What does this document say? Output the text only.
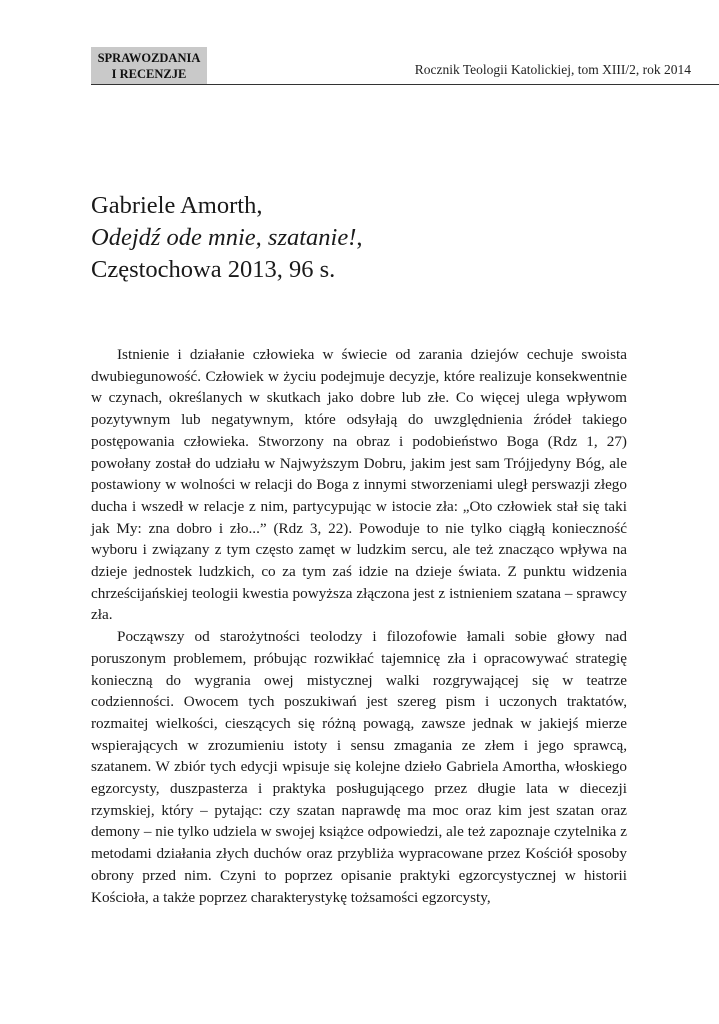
SPRAWOZDANIA
I RECENZJE	Rocznik Teologii Katolickiej, tom XIII/2, rok 2014
Gabriele Amorth,
Odejdź ode mnie, szatanie!,
Częstochowa 2013, 96 s.

Istnienie i działanie człowieka w świecie od zarania dziejów cechuje swoista dwubiegunowość. Człowiek w życiu podejmuje decyzje, które realizuje konsekwentnie w czynach, określanych w skutkach jako dobre lub złe. Co więcej ulega wpływom pozytywnym lub negatywnym, które odsyłają do uwzględnienia źródeł takiego postępowania człowieka. Stworzony na obraz i podobieństwo Boga (Rdz 1, 27) powołany został do udziału w Najwyższym Dobru, jakim jest sam Trójjedyny Bóg, ale postawiony w wolności w relacji do Boga z innymi stworzeniami uległ perswazji złego ducha i wszedł w relacje z nim, partycypując w istocie zła: „Oto człowiek stał się taki jak My: zna dobro i zło...” (Rdz 3, 22). Powoduje to nie tylko ciągłą konieczność wyboru i związany z tym często zamęt w ludzkim sercu, ale też znacząco wpływa na dzieje jednostek ludzkich, co za tym zaś idzie na dzieje świata. Z punktu widzenia chrześcijańskiej teologii kwestia powyższa złączona jest z istnieniem szatana – sprawcy zła.

Począwszy od starożytności teolodzy i filozofowie łamali sobie głowy nad poruszonym problemem, próbując rozwikłać tajemnicę zła i opracowywać strategię konieczną do wygrania owej mistycznej walki rozgrywającej się w teatrze codzienności. Owocem tych poszukiwań jest szereg pism i uczonych traktatów, rozmaitej wielkości, cieszących się różną powagą, zawsze jednak w jakiejś mierze wspierających w zrozumieniu istoty i sensu zmagania ze złem i jego sprawcą, szatanem. W zbiór tych edycji wpisuje się kolejne dzieło Gabriela Amortha, włoskiego egzorcysty, duszpasterza i praktyka posługującego przez długie lata w diecezji rzymskiej, który – pytając: czy szatan naprawdę ma moc oraz kim jest szatan oraz demony – nie tylko udziela w swojej książce odpowiedzi, ale też zapoznaje czytelnika z metodami działania złych duchów oraz przybliża wypracowane przez Kościół sposoby obrony przed nim. Czyni to poprzez opisanie praktyki egzorcystycznej w historii Kościoła, a także poprzez charakterystykę tożsamości egzorcysty,
